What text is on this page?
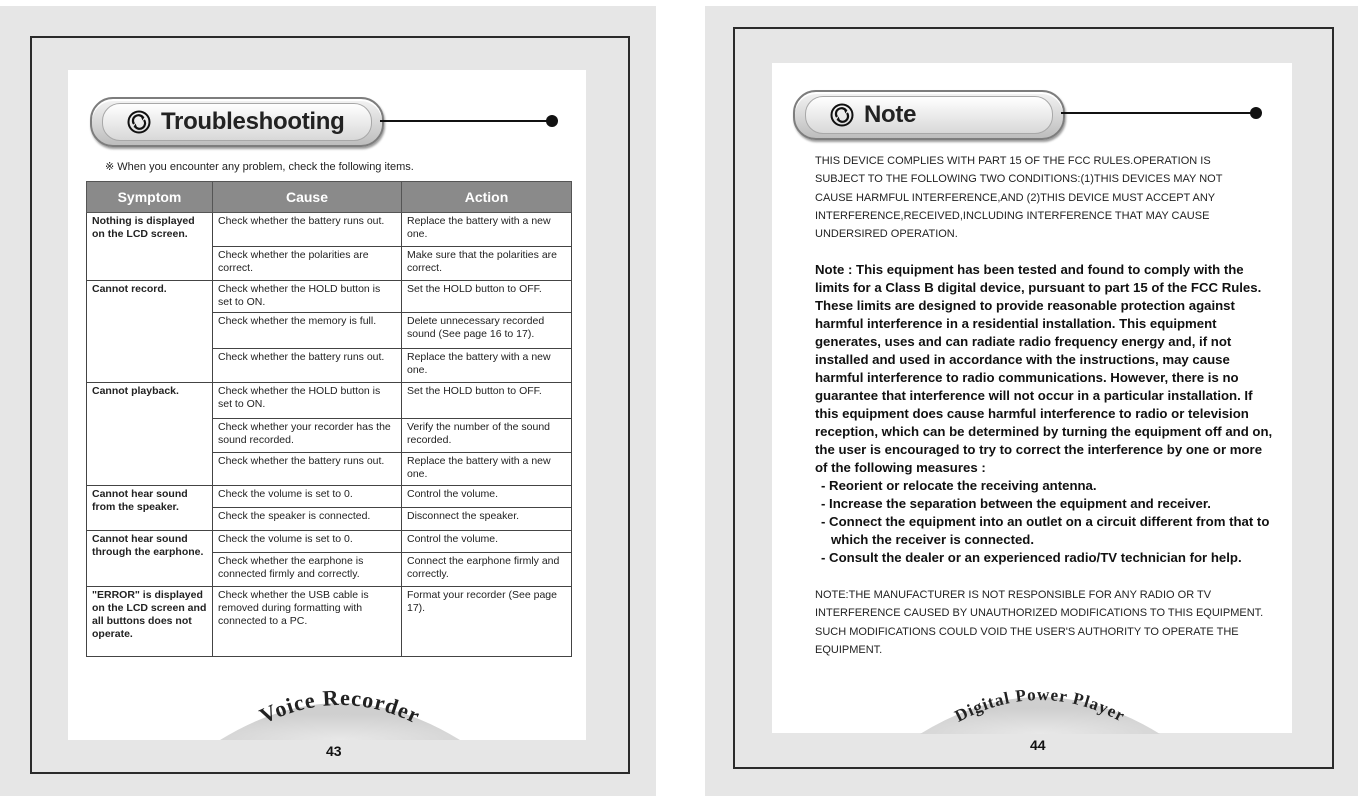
Troubleshooting
※ When you encounter any problem, check the following items.
Symptom	Cause	Action
Nothing is displayed on the LCD screen.	Check whether the battery runs out.	Replace the battery with a new one.
	Check whether the polarities are correct.	Make sure that the polarities are correct.
Cannot record.	Check whether the HOLD button is set to ON.	Set the HOLD button to OFF.
	Check whether the memory is full.	Delete unnecessary recorded sound (See page 16 to 17).
	Check whether the battery runs out.	Replace the battery with a new one.
Cannot playback.	Check whether the HOLD button is set to ON.	Set the HOLD button to OFF.
	Check whether your recorder has the sound recorded.	Verify the number of the sound recorded.
	Check whether the battery runs out.	Replace the battery with a new one.
Cannot hear sound from the speaker.	Check the volume is set to 0.	Control the volume.
	Check the speaker is connected.	Disconnect the speaker.
Cannot hear sound through the earphone.	Check the volume is set to 0.	Control the volume.
	Check whether the earphone is connected firmly and correctly.	Connect the earphone firmly and correctly.
"ERROR" is displayed on the LCD screen and all buttons does not operate.	Check whether the USB cable is removed during formatting with connected to a PC.	Format your recorder (See page 17).
Voice Recorder
43
Note
THIS DEVICE COMPLIES WITH PART 15 OF THE FCC RULES.OPERATION IS SUBJECT TO THE FOLLOWING TWO CONDITIONS:(1)THIS DEVICES MAY NOT CAUSE HARMFUL INTERFERENCE,AND (2)THIS DEVICE MUST ACCEPT ANY INTERFERENCE,RECEIVED,INCLUDING INTERFERENCE THAT MAY CAUSE UNDERSIRED OPERATION.
Note : This equipment has been tested and found to comply with the limits for a Class B digital device, pursuant to part 15 of the FCC Rules. These limits are designed to provide reasonable protection against harmful interference in a residential installation. This equipment generates, uses and can radiate radio frequency energy and, if not installed and used in accordance with the instructions, may cause harmful interference to radio communications. However, there is no guarantee that interference will not occur in a particular installation. If this equipment does cause harmful interference to radio or television reception, which can be determined by turning the equipment off and on, the user is encouraged to try to correct the interference by one or more of the following measures :
- Reorient or relocate the receiving antenna.
- Increase the separation between the equipment and receiver.
- Connect the equipment into an outlet on a circuit different from that to which the receiver is connected.
- Consult the dealer or an experienced radio/TV technician for help.
NOTE:THE MANUFACTURER IS NOT RESPONSIBLE FOR ANY RADIO OR TV INTERFERENCE CAUSED BY UNAUTHORIZED MODIFICATIONS TO THIS EQUIPMENT. SUCH MODIFICATIONS COULD VOID THE USER'S AUTHORITY TO OPERATE THE EQUIPMENT.
Digital Power Player
44
